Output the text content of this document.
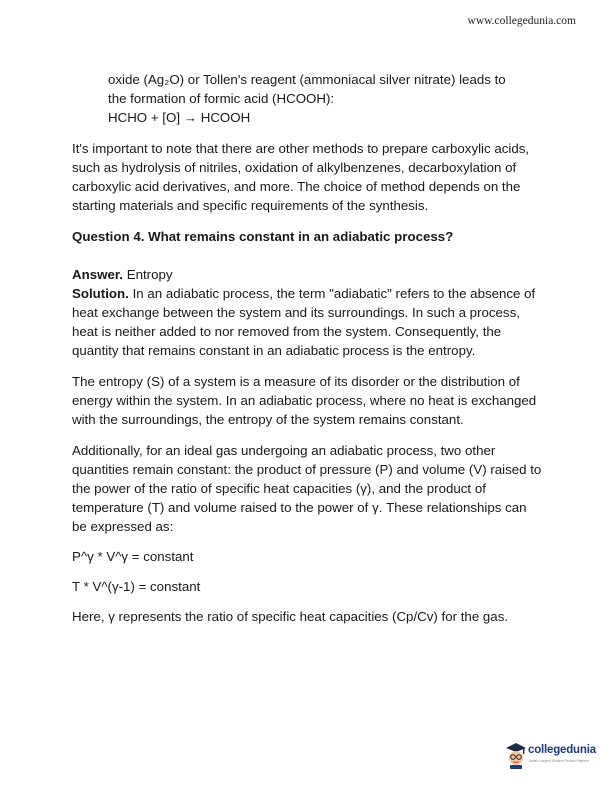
www.collegedunia.com

oxide (Ag₂O) or Tollen's reagent (ammoniacal silver nitrate) leads to

the formation of formic acid (HCOOH):

HCHO + [O] → HCOOH

It's important to note that there are other methods to prepare carboxylic acids, such as hydrolysis of nitriles, oxidation of alkylbenzenes, decarboxylation of carboxylic acid derivatives, and more. The choice of method depends on the starting materials and specific requirements of the synthesis.

Question 4. What remains constant in an adiabatic process?

Answer. Entropy

Solution. In an adiabatic process, the term "adiabatic" refers to the absence of heat exchange between the system and its surroundings. In such a process, heat is neither added to nor removed from the system. Consequently, the quantity that remains constant in an adiabatic process is the entropy.

The entropy (S) of a system is a measure of its disorder or the distribution of energy within the system. In an adiabatic process, where no heat is exchanged with the surroundings, the entropy of the system remains constant.

Additionally, for an ideal gas undergoing an adiabatic process, two other quantities remain constant: the product of pressure (P) and volume (V) raised to the power of the ratio of specific heat capacities (γ), and the product of temperature (T) and volume raised to the power of γ. These relationships can be expressed as:

P^γ * V^γ = constant

T * V^(γ-1) = constant

Here, γ represents the ratio of specific heat capacities (Cp/Cv) for the gas.

collegedunia
India's Largest Student Review Platform
